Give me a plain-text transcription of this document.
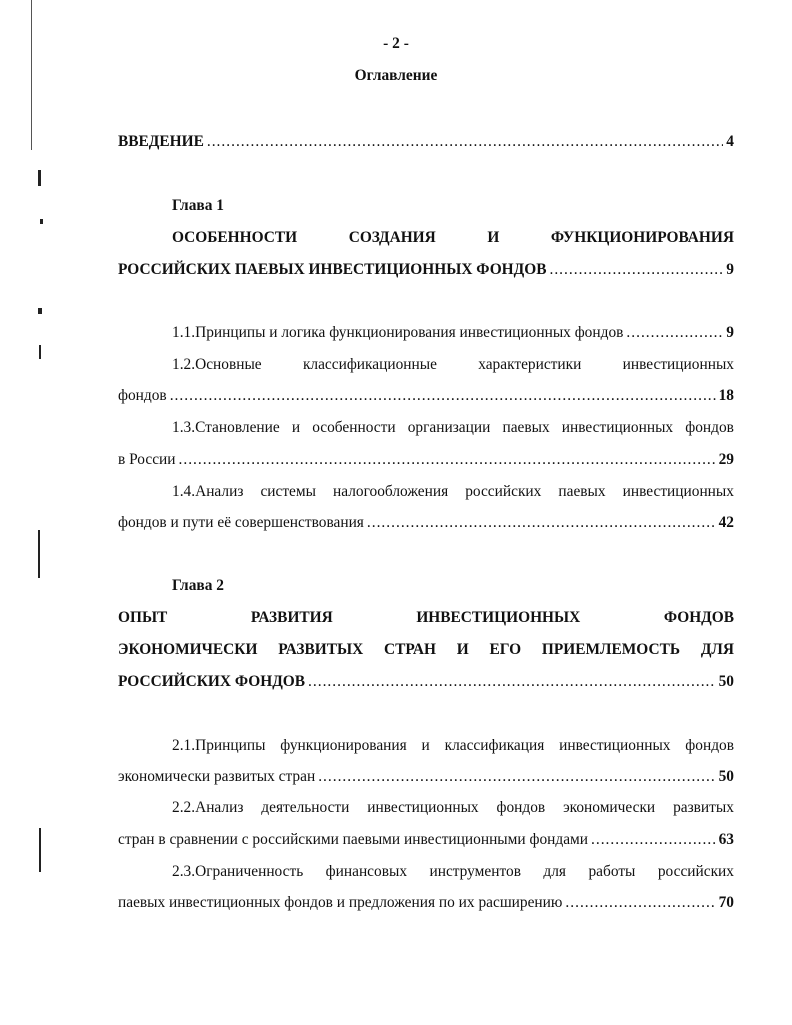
- 2 -
Оглавление
ВВЕДЕНИЕ .....	4
Глава 1
ОСОБЕННОСТИ	СОЗДАНИЯ	И	ФУНКЦИОНИРОВАНИЯ
РОССИЙСКИХ ПАЕВЫХ ИНВЕСТИЦИОННЫХ ФОНДОВ .....	9
1.1.Принципы и логика функционирования инвестиционных фондов .....	9
1.2.Основные	классификационные	характеристики	инвестиционных
фондов .....	18
1.3.Становление и особенности организации паевых инвестиционных фондов
в России .....	29
1.4.Анализ системы налогообложения российских паевых инвестиционных
фондов и пути её совершенствования .....	42
Глава 2
ОПЫТ	РАЗВИТИЯ	ИНВЕСТИЦИОННЫХ	ФОНДОВ
ЭКОНОМИЧЕСКИ РАЗВИТЫХ СТРАН И ЕГО ПРИЕМЛЕМОСТЬ ДЛЯ
РОССИЙСКИХ ФОНДОВ .....	50
2.1.Принципы функционирования и классификация инвестиционных фондов
экономически развитых стран .....	50
2.2.Анализ деятельности инвестиционных фондов экономически развитых
стран в сравнении с российскими паевыми инвестиционными фондами .....	63
2.3.Ограниченность финансовых инструментов для работы российских
паевых инвестиционных фондов и предложения по их расширению .....	70
